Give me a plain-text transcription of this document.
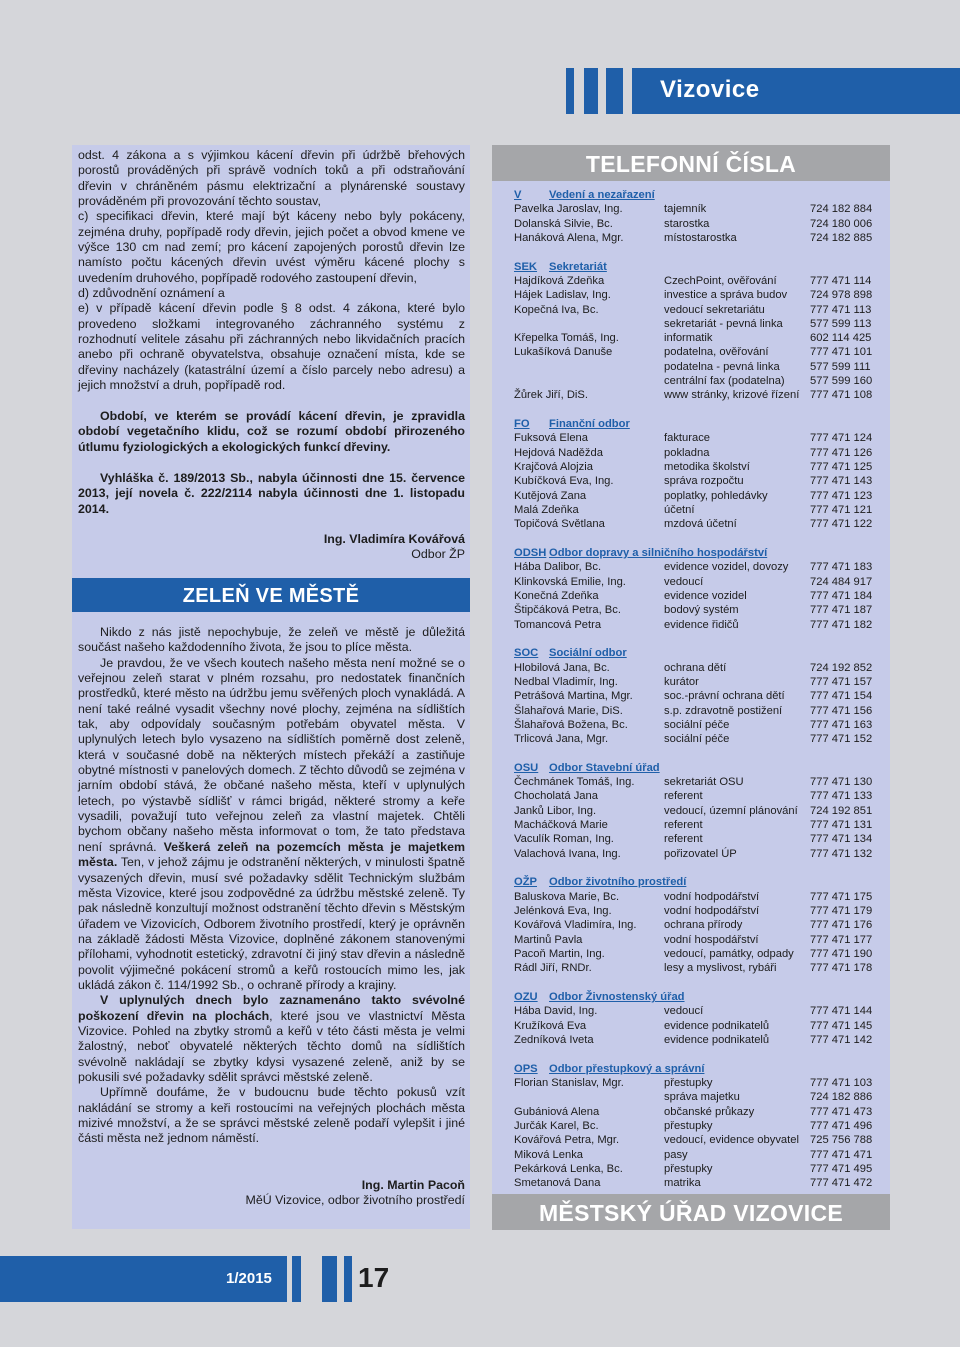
Vizovice

odst. 4 zákona a s výjimkou kácení dřevin při údržbě břehových porostů prováděných při správě vodních toků a při odstraňování dřevin v chráněném pásmu elektrizační a plynárenské soustavy prováděném při provozování těchto soustav,

c) specifikaci dřevin, které mají být káceny nebo byly pokáceny, zejména druhy, popřípadě rody dřevin, jejich počet a obvod kmene ve výšce 130 cm nad zemí; pro kácení zapojených porostů dřevin lze namísto počtu kácených dřevin uvést výměru kácené plochy s uvedením druhového, popřípadě rodového zastoupení dřevin,

d) zdůvodnění oznámení a

e) v případě kácení dřevin podle § 8 odst. 4 zákona, které bylo provedeno složkami integrovaného záchranného systému z rozhodnutí velitele zásahu při záchranných nebo likvidačních pracích anebo při ochraně obyvatelstva, obsahuje označení místa, kde se dřeviny nacházely (katastrální území a číslo parcely nebo adresu) a jejich množství a druh, popřípadě rod.

Období, ve kterém se provádí kácení dřevin, je zpravidla období vegetačního klidu, což se rozumí období přirozeného útlumu fyziologických a ekologických funkcí dřeviny.

Vyhláška č. 189/2013 Sb., nabyla účinnosti dne 15. července 2013, její novela č. 222/2114 nabyla účinnosti dne 1. listopadu 2014.

Ing. Vladimíra Kovářová

Odbor ŽP

ZELEŇ VE MĚSTĚ

Nikdo z nás jistě nepochybuje, že zeleň ve městě je důležitá součást našeho každodenního života, že jsou to plíce města.

Je pravdou, že ve všech koutech našeho města není možné se o veřejnou zeleň starat v plném rozsahu, pro nedostatek finančních prostředků, které město na údržbu jemu svěřených ploch vynakládá. A není také reálné vysadit všechny nové plochy, zejména na sídlištích tak, aby odpovídaly současným potřebám obyvatel města. V uplynulých letech bylo vysazeno na sídlištích poměrně dost zeleně, která v současné době na některých místech překáží a zastiňuje obytné místnosti v panelových domech. Z těchto důvodů se zejména v jarním období stává, že občané našeho města, kteří v uplynulých letech, po výstavbě sídlišť v rámci brigád, některé stromy a keře vysadili, považují tuto veřejnou zeleň za vlastní majetek. Chtěli bychom občany našeho města informovat o tom, že tato představa není správná. Veškerá zeleň na pozemcích města je majetkem města. Ten, v jehož zájmu je odstranění některých, v minulosti špatně vysazených dřevin, musí své požadavky sdělit Technickým službám města Vizovice, které jsou zodpovědné za údržbu městské zeleně. Ty pak následně konzultují možnost odstranění těchto dřevin s Městským úřadem ve Vizovicích, Odborem životního prostředí, který je oprávněn na základě žádosti Města Vizovice, doplněné zákonem stanovenými přílohami, vyhodnotit estetický, zdravotní či jiný stav dřevin a následně povolit výjimečné pokácení stromů a keřů rostoucích mimo les, jak ukládá zákon č. 114/1992 Sb., o ochraně přírody a krajiny.

V uplynulých dnech bylo zaznamenáno takto svévolné poškození dřevin na plochách, které jsou ve vlastnictví Města Vizovice. Pohled na zbytky stromů a keřů v této části města je velmi žalostný, neboť obyvatelé některých těchto domů na sídlištích svévolně nakládají se zbytky kdysi vysazené zeleně, aniž by se pokusili své požadavky sdělit správci městské zeleně.

Upřímně doufáme, že v budoucnu bude těchto pokusů vzít nakládání se stromy a keři rostoucími na veřejných plochách města mizivé množství, a že se správci městské zeleně podaří vylepšit i jiné části města než jednom náměstí.

Ing. Martin Pacoň

MěÚ Vizovice, odbor životního prostředí

TELEFONNÍ ČÍSLA
V	Vedení a nezařazení
Pavelka Jaroslav, Ing.	tajemník	724 182 884
Dolanská Silvie, Bc.	starostka	724 180 006
Hanáková Alena, Mgr.	místostarostka	724 182 885
SEK	Sekretariát
Hajdíková Zdeňka	CzechPoint, ověřování	777 471 114
Hájek Ladislav, Ing.	investice a správa budov	724 978 898
Kopečná Iva, Bc.	vedoucí sekretariátu	777 471 113
sekretariát - pevná linka	577 599 113
Křepelka Tomáš, Ing.	informatik	602 114 425
Lukašíková Danuše	podatelna, ověřování	777 471 101
podatelna - pevná linka	577 599 111
centrální fax (podatelna)	577 599 160
Žůrek Jiří, DiS.	www stránky, krizové řízení 777 471 108
FO	Finanční odbor
Fuksová Elena	fakturace	777 471 124
Hejdová Naděžda	pokladna	777 471 126
Krajčová Alojzia	metodika školství	777 471 125
Kubíčková Eva, Ing.	správa rozpočtu	777 471 143
Kutějová Zana	poplatky, pohledávky	777 471 123
Malá Zdeňka	účetní	777 471 121
Topičová Světlana	mzdová účetní	777 471 122
ODSH Odbor dopravy a silničního hospodářství
Hába Dalibor, Bc.	evidence vozidel, dovozy	777 471 183
Klinkovská Emilie, Ing.	vedoucí	724 484 917
Konečná Zdeňka	evidence vozidel	777 471 184
Štipčáková Petra, Bc.	bodový systém	777 471 187
Tomancová Petra	evidence řidičů	777 471 182
SOC Sociální odbor
Hlobilová Jana, Bc.	ochrana dětí	724 192 852
Nedbal Vladimír, Ing.	kurátor	777 471 157
Petrášová Martina, Mgr.	soc.-právní ochrana dětí	777 471 154
Šlahařová Marie, DiS.	s.p. zdravotně postižení	777 471 156
Šlahařová Božena, Bc.	sociální péče	777 471 163
Trlicová Jana, Mgr.	sociální péče	777 471 152
OSU Odbor Stavební úřad
Čechmánek Tomáš, Ing.	sekretariát OSU	777 471 130
Chocholatá Jana	referent	777 471 133
Janků Libor, Ing.	vedoucí, územní plánování	724 192 851
Macháčková Marie	referent	777 471 131
Vaculík Roman, Ing.	referent	777 471 134
Valachová Ivana, Ing.	pořizovatel ÚP	777 471 132
OŽP	Odbor životního prostředí
Baluskova Marie, Bc.	vodní hodpodářství	777 471 175
Jelénková Eva, Ing.	vodní hodpodářství	777 471 179
Kovářová Vladimíra, Ing.	ochrana přírody	777 471 176
Martinů Pavla	vodní hospodářství	777 471 177
Pacoň Martin, Ing.	vedoucí, památky, odpady	777 471 190
Rádl Jiří, RNDr.	lesy a myslivost, rybáři	777 471 178
OZU	Odbor Živnostenský úřad
Hába David, Ing.	vedoucí	777 471 144
Kružíková Eva	evidence podnikatelů	777 471 145
Zedníková Iveta	evidence podnikatelů	777 471 142
OPS	Odbor přestupkový a správní
Florian Stanislav, Mgr.	přestupky	777 471 103
správa majetku	724 182 886
Gubániová Alena	občanské průkazy	777 471 473
Jurčák Karel, Bc.	přestupky	777 471 496
Kovářová Petra, Mgr.	vedoucí, evidence obyvatel 725 756 788
Miková Lenka	pasy	777 471 471
Pekárková Lenka, Bc.	přestupky	777 471 495
Smetanová Dana	matrika	777 471 472
MĚSTSKÝ ÚŘAD VIZOVICE
1/2015	17
